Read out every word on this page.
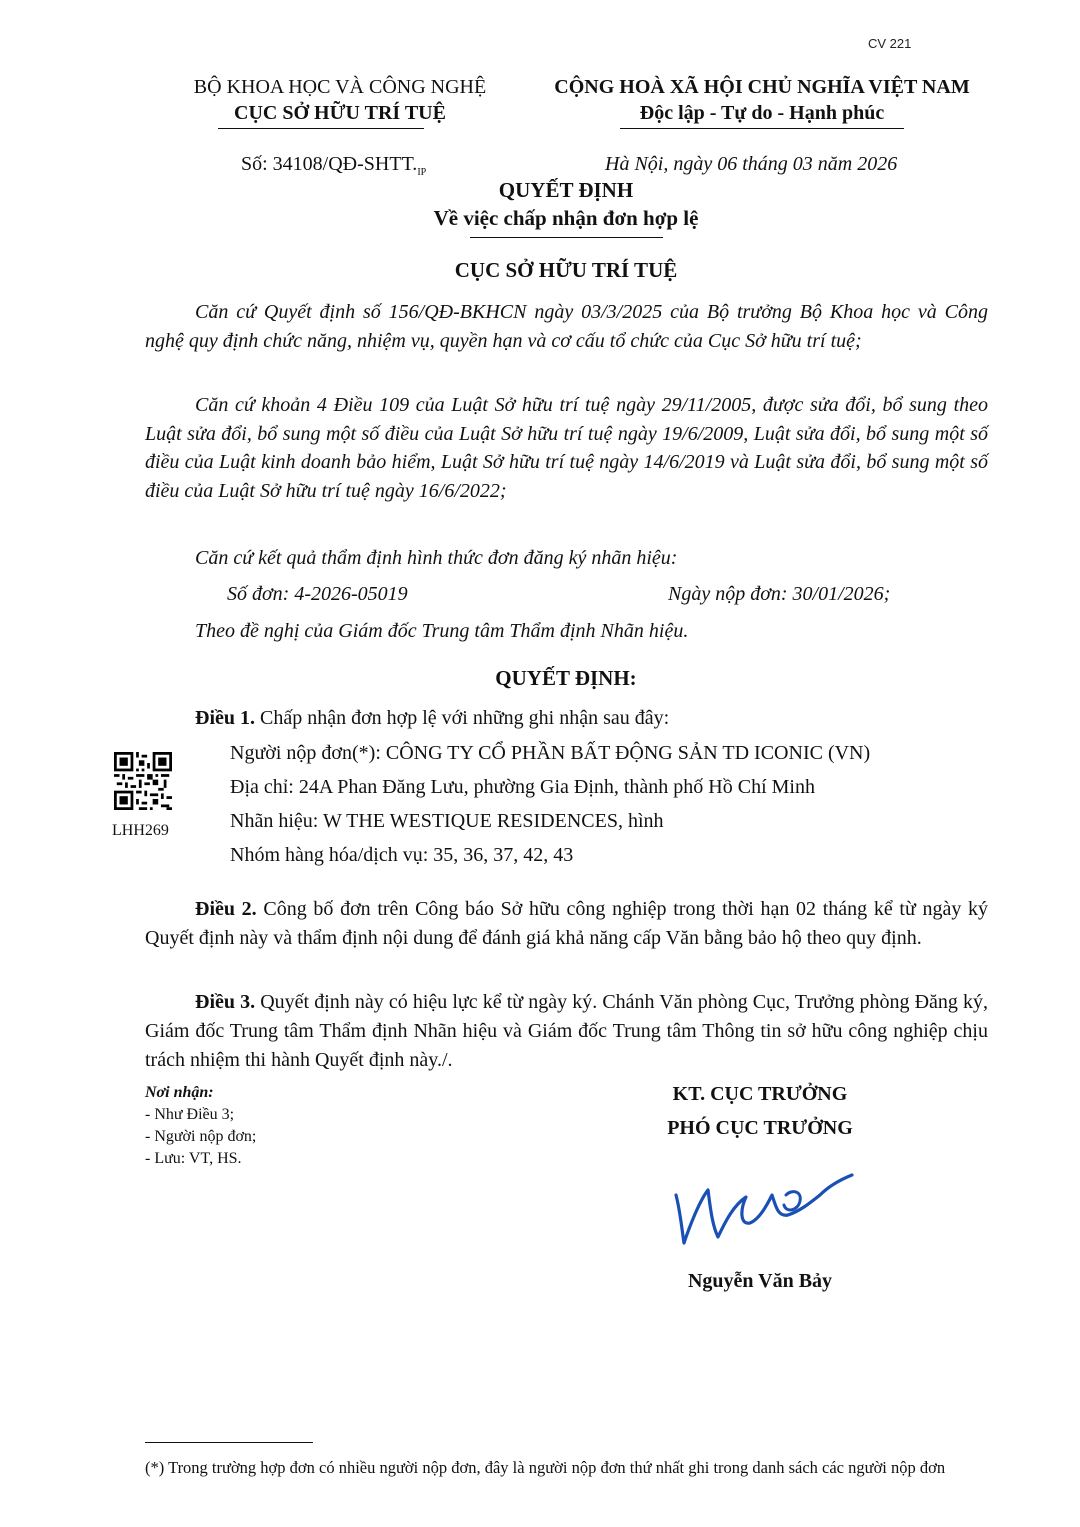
CV 221
BỘ KHOA HỌC VÀ CÔNG NGHỆ
CỤC SỞ HỮU TRÍ TUỆ
CỘNG HOÀ XÃ HỘI CHỦ NGHĨA VIỆT NAM
Độc lập - Tự do - Hạnh phúc
Số: $34108/QĐ-SHTT._{IP}$	Hà Nội, ngày 06 tháng 03 năm 2026
QUYẾT ĐỊNH
Về việc chấp nhận đơn hợp lệ
CỤC SỞ HỮU TRÍ TUỆ
Căn cứ Quyết định số 156/QĐ-BKHCN ngày 03/3/2025 của Bộ trưởng Bộ Khoa học và Công nghệ quy định chức năng, nhiệm vụ, quyền hạn và cơ cấu tổ chức của Cục Sở hữu trí tuệ;
Căn cứ khoản 4 Điều 109 của Luật Sở hữu trí tuệ ngày 29/11/2005, được sửa đổi, bổ sung theo Luật sửa đổi, bổ sung một số điều của Luật Sở hữu trí tuệ ngày 19/6/2009, Luật sửa đổi, bổ sung một số điều của Luật kinh doanh bảo hiểm, Luật Sở hữu trí tuệ ngày 14/6/2019 và Luật sửa đổi, bổ sung một số điều của Luật Sở hữu trí tuệ ngày 16/6/2022;
Căn cứ kết quả thẩm định hình thức đơn đăng ký nhãn hiệu:
Số đơn: 4-2026-05019	Ngày nộp đơn: 30/01/2026;
Theo đề nghị của Giám đốc Trung tâm Thẩm định Nhãn hiệu.
QUYẾT ĐỊNH:
Điều 1. Chấp nhận đơn hợp lệ với những ghi nhận sau đây:
Người nộp đơn(*): CÔNG TY CỔ PHẦN BẤT ĐỘNG SẢN TD ICONIC (VN)
Địa chỉ: 24A Phan Đăng Lưu, phường Gia Định, thành phố Hồ Chí Minh
Nhãn hiệu: W THE WESTIQUE RESIDENCES, hình
Nhóm hàng hóa/dịch vụ: 35, 36, 37, 42, 43
LHH269
Điều 2. Công bố đơn trên Công báo Sở hữu công nghiệp trong thời hạn 02 tháng kể từ ngày ký Quyết định này và thẩm định nội dung để đánh giá khả năng cấp Văn bằng bảo hộ theo quy định.
Điều 3. Quyết định này có hiệu lực kể từ ngày ký. Chánh Văn phòng Cục, Trưởng phòng Đăng ký, Giám đốc Trung tâm Thẩm định Nhãn hiệu và Giám đốc Trung tâm Thông tin sở hữu công nghiệp chịu trách nhiệm thi hành Quyết định này./.
Nơi nhận:
- Như Điều 3;
- Người nộp đơn;
- Lưu: VT, HS.
KT. CỤC TRƯỞNG
PHÓ CỤC TRƯỞNG
Nguyễn Văn Bảy
(*) Trong trường hợp đơn có nhiều người nộp đơn, đây là người nộp đơn thứ nhất ghi trong danh sách các người nộp đơn
